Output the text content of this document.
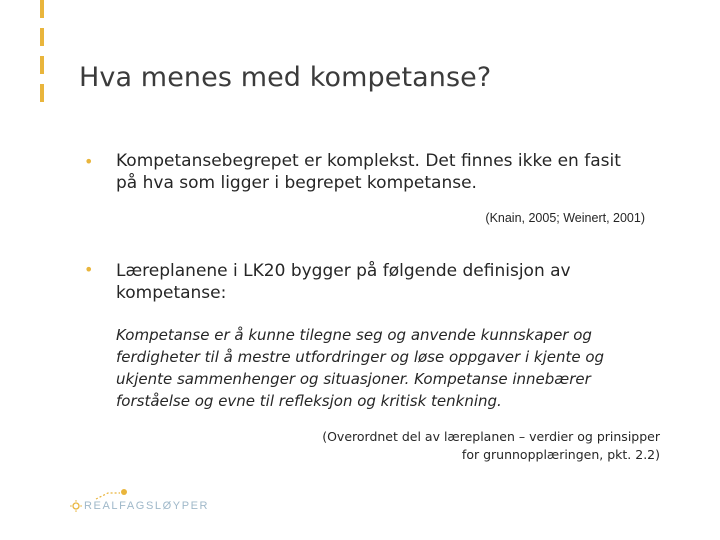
Hva menes med kompetanse?
• Kompetansebegrepet er komplekst. Det finnes ikke en fasit
på hva som ligger i begrepet kompetanse.
(Knain, 2005; Weinert, 2001)
• Læreplanene i LK20 bygger på følgende definisjon av
kompetanse:
Kompetanse er å kunne tilegne seg og anvende kunnskaper og
ferdigheter til å mestre utfordringer og løse oppgaver i kjente og
ukjente sammenhenger og situasjoner. Kompetanse innebærer
forståelse og evne til refleksjon og kritisk tenkning.
(Overordnet del av læreplanen – verdier og prinsipper
for grunnopplæringen, pkt. 2.2)
REALFAGSLØYPER
